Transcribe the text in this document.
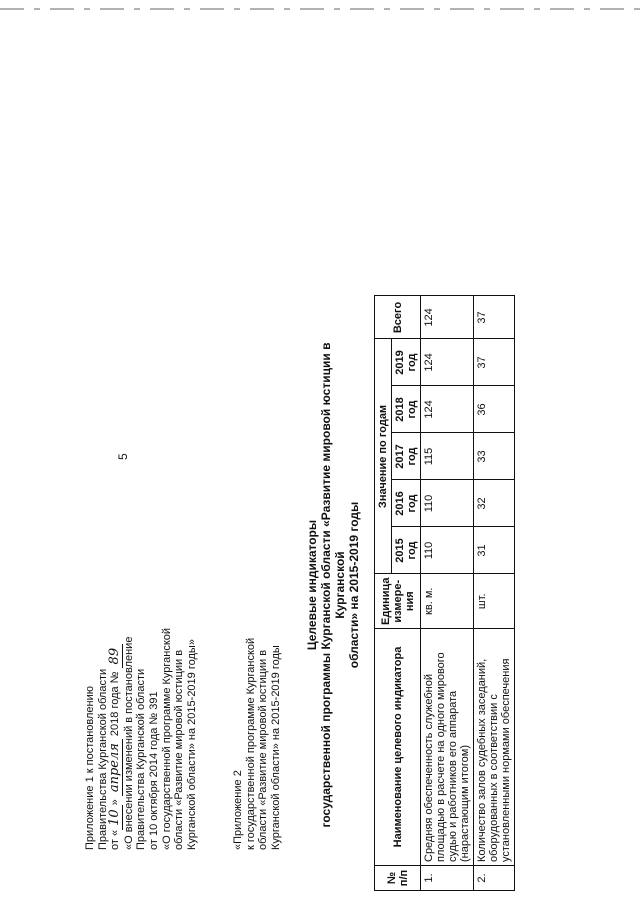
5
Приложение 1 к постановлению Правительства Курганской области от «10» апреля 2018 года № 89 «О внесении изменений в постановление Правительства Курганской области от 10 октября 2014 года № 391 «О государственной программе Курганской области «Развитие мировой юстиции в Курганской области» на 2015-2019 годы»	«Приложение 2 к государственной программе Курганской области «Развитие мировой юстиции в Курганской области» на 2015-2019 годы
Целевые индикаторы государственной программы Курганской области «Развитие мировой юстиции в Курганской области» на 2015-2019 годы
№ п/п	Наименование целевого индикатора	Единица измере-ния	Значение по годам					Всего
			2015 год	2016 год	2017 год	2018 год	2019 год	
1.	Средняя обеспеченность служебной площадью в расчете на одного мирового судью и работников его аппарата (нарастающим итогом)	кв. м.	110	110	115	124	124	124
2.	Количество залов судебных заседаний, оборудованных в соответствии с установленными нормами обеспечения	шт.	31	32	33	36	37	37
